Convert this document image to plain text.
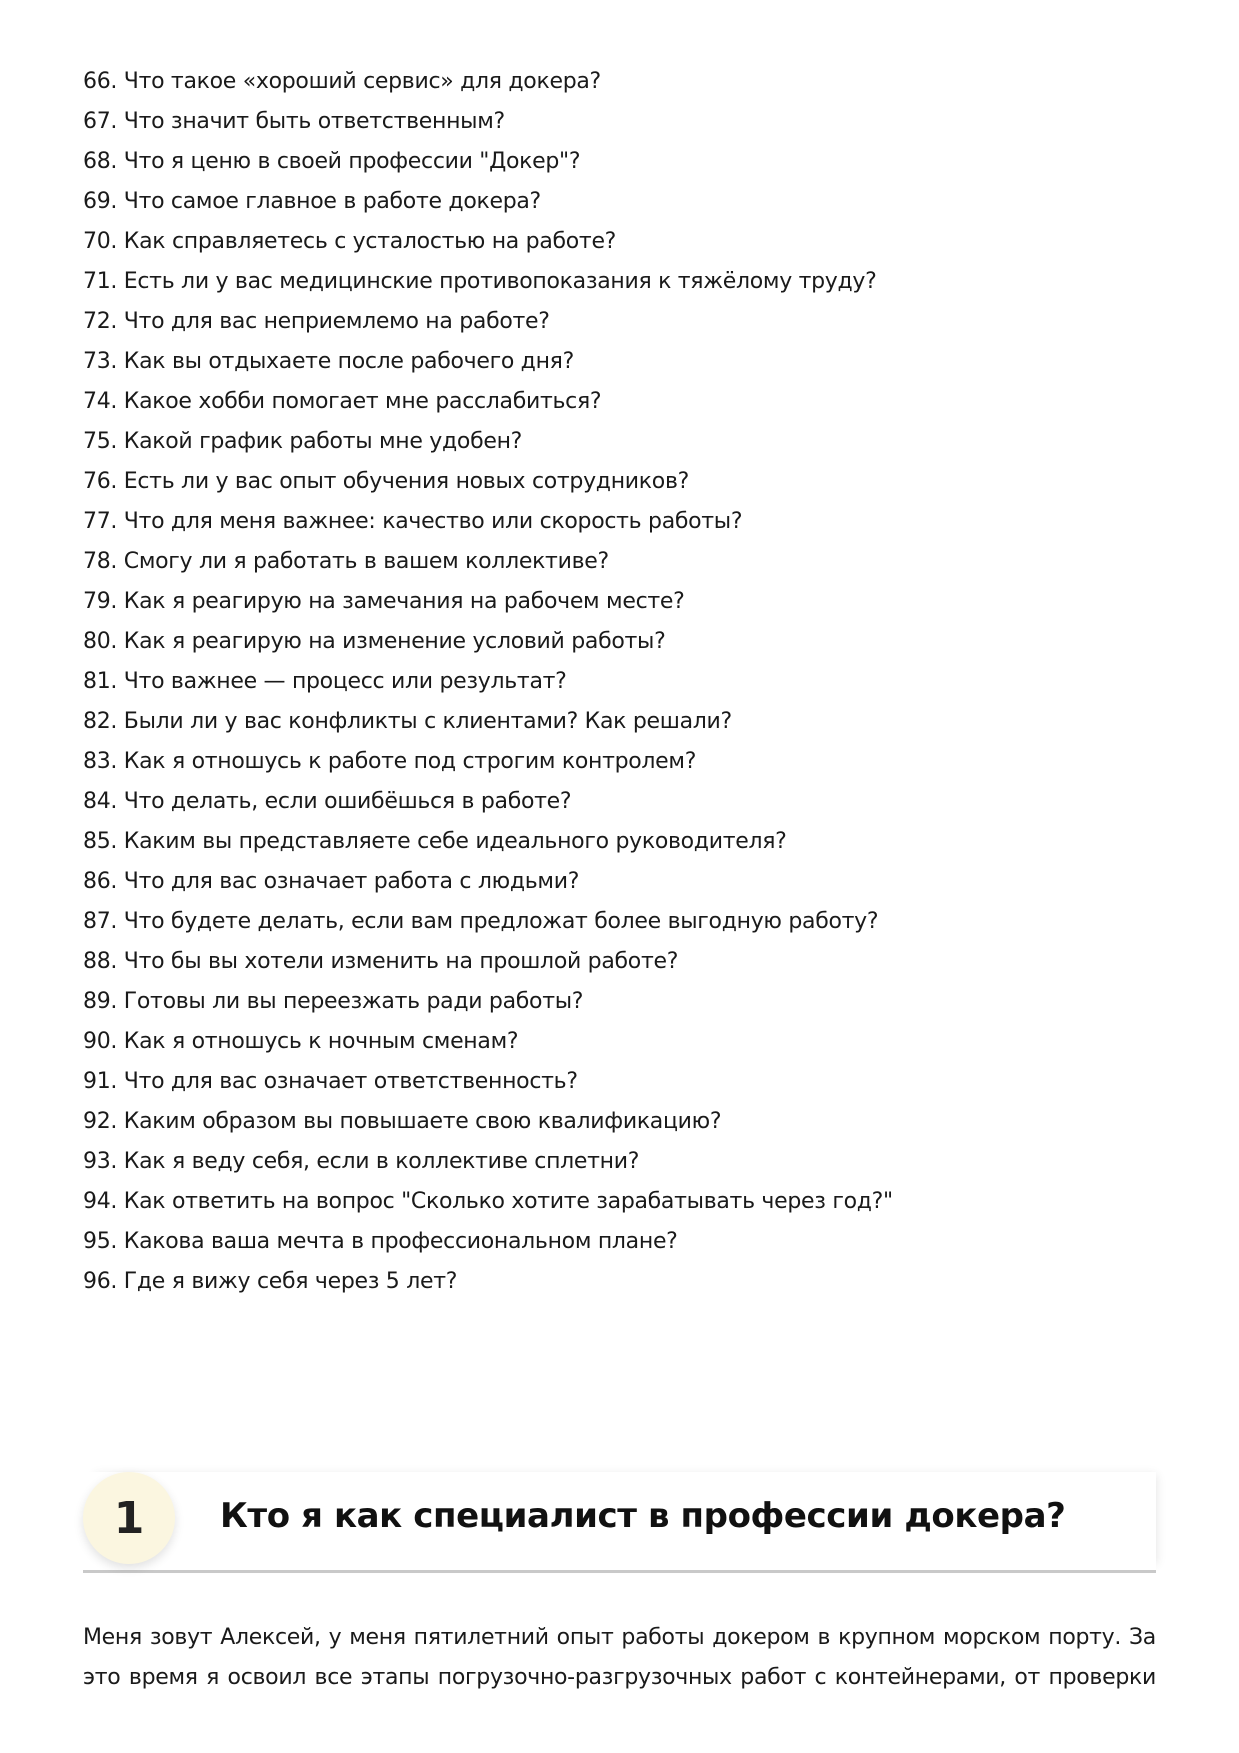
66. Что такое «хороший сервис» для докера?
67. Что значит быть ответственным?
68. Что я ценю в своей профессии "Докер"?
69. Что самое главное в работе докера?
70. Как справляетесь с усталостью на работе?
71. Есть ли у вас медицинские противопоказания к тяжёлому труду?
72. Что для вас неприемлемо на работе?
73. Как вы отдыхаете после рабочего дня?
74. Какое хобби помогает мне расслабиться?
75. Какой график работы мне удобен?
76. Есть ли у вас опыт обучения новых сотрудников?
77. Что для меня важнее: качество или скорость работы?
78. Смогу ли я работать в вашем коллективе?
79. Как я реагирую на замечания на рабочем месте?
80. Как я реагирую на изменение условий работы?
81. Что важнее — процесс или результат?
82. Были ли у вас конфликты с клиентами? Как решали?
83. Как я отношусь к работе под строгим контролем?
84. Что делать, если ошибёшься в работе?
85. Каким вы представляете себе идеального руководителя?
86. Что для вас означает работа с людьми?
87. Что будете делать, если вам предложат более выгодную работу?
88. Что бы вы хотели изменить на прошлой работе?
89. Готовы ли вы переезжать ради работы?
90. Как я отношусь к ночным сменам?
91. Что для вас означает ответственность?
92. Каким образом вы повышаете свою квалификацию?
93. Как я веду себя, если в коллективе сплетни?
94. Как ответить на вопрос "Сколько хотите зарабатывать через год?"
95. Какова ваша мечта в профессиональном плане?
96. Где я вижу себя через 5 лет?
1	Кто я как специалист в профессии докера?

Меня зовут Алексей, у меня пятилетний опыт работы докером в крупном морском порту. За
это время я освоил все этапы погрузочно-разгрузочных работ с контейнерами, от проверки
